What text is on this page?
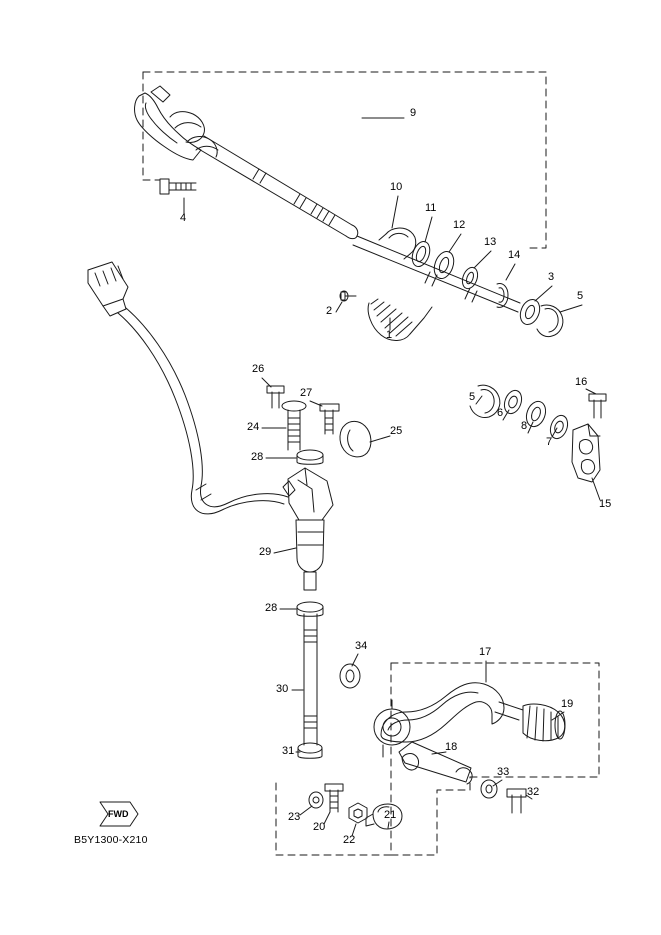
9
4
10
11
12
13
14
3
5
2
1
26
27
24	25
28
5
6
8
7
16
15
29
28
34	17
19
30
31	18
33
32
23
20
22
21
FWD
B5Y1300-X210
